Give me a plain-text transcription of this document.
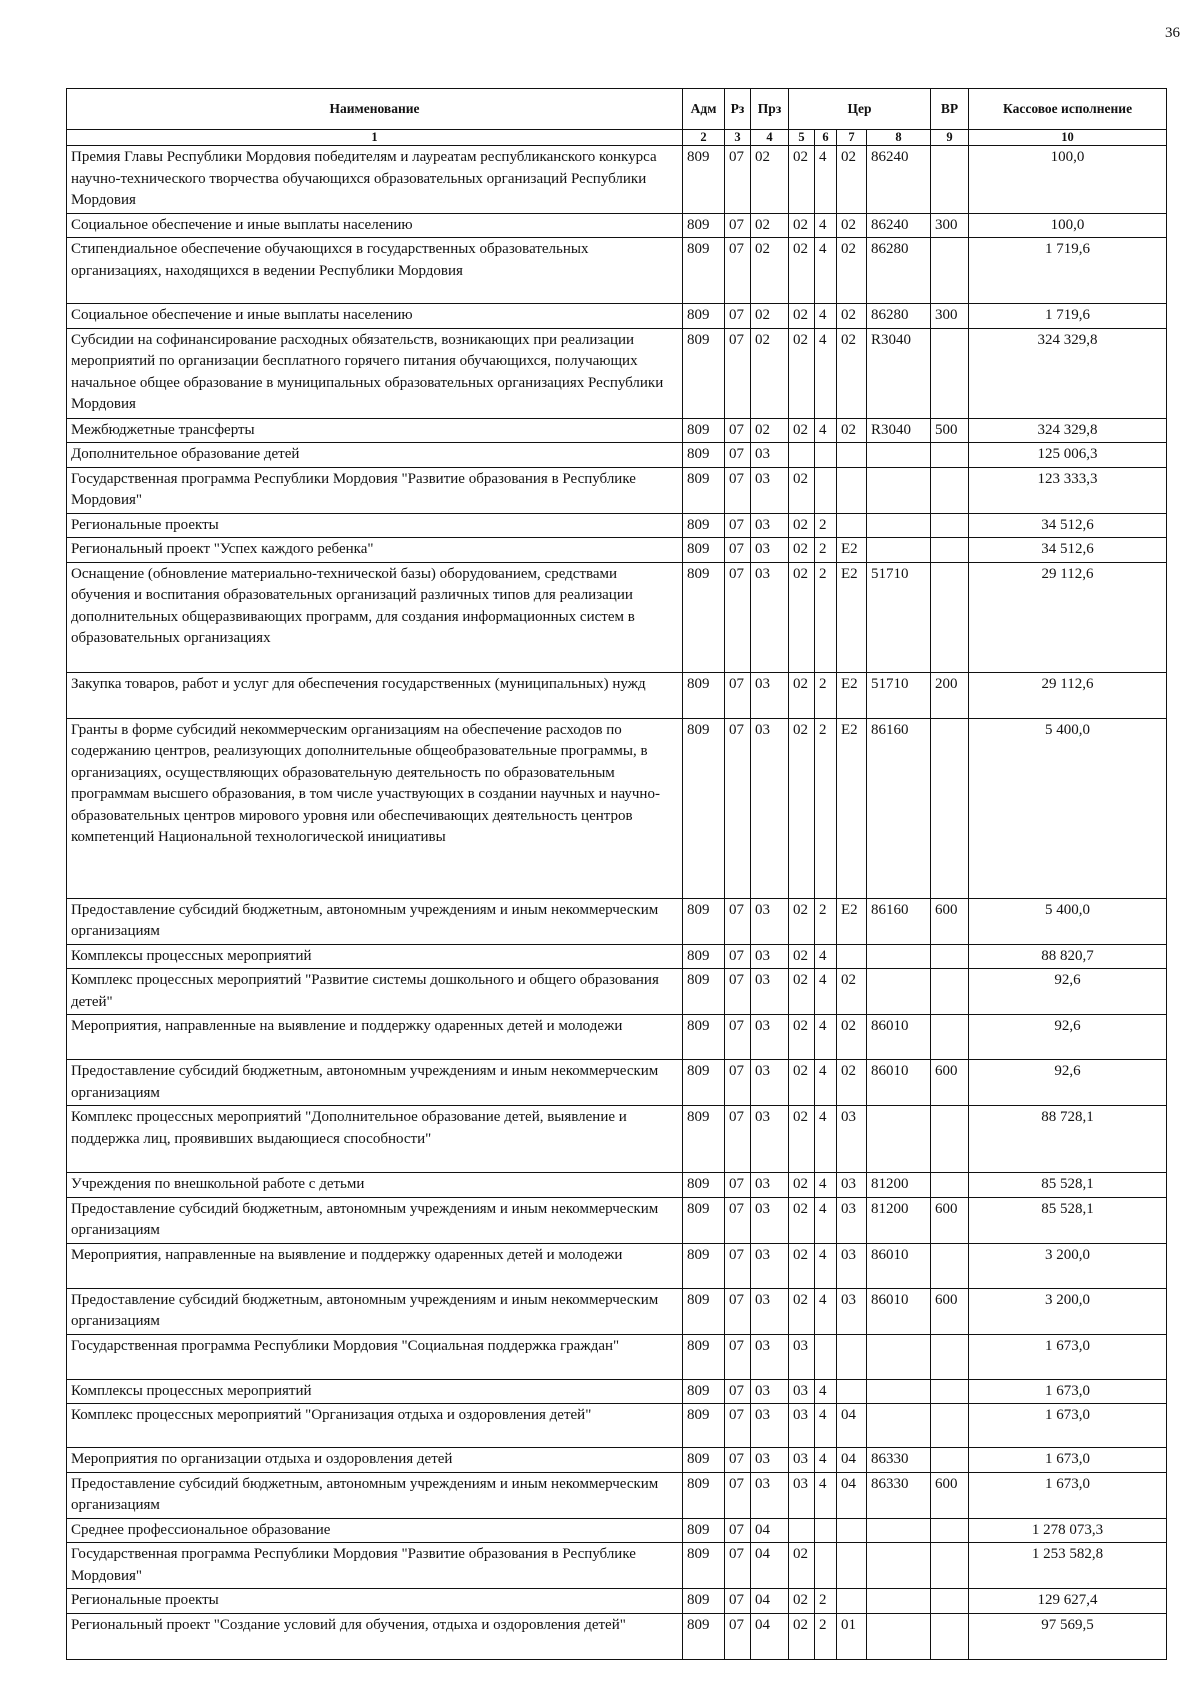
36
Наименование	Адм	Рз	Прз	Цер				ВР	Кассовое исполнение
1	2	3	4	5	6	7	8	9	10
Премия Главы Республики Мордовия победителям и лауреатам республиканского конкурса научно-технического творчества обучающихся образовательных организаций Республики Мордовия	809	07	02	02	4	02	86240		100,0
Социальное обеспечение и иные выплаты населению	809	07	02	02	4	02	86240	300	100,0
Стипендиальное обеспечение обучающихся в государственных образовательных организациях, находящихся в ведении Республики Мордовия	809	07	02	02	4	02	86280		1 719,6
Социальное обеспечение и иные выплаты населению	809	07	02	02	4	02	86280	300	1 719,6
Субсидии на софинансирование расходных обязательств, возникающих при реализации мероприятий по организации бесплатного горячего питания обучающихся, получающих начальное общее образование в муниципальных образовательных организациях Республики Мордовия	809	07	02	02	4	02	R3040		324 329,8
Межбюджетные трансферты	809	07	02	02	4	02	R3040	500	324 329,8
Дополнительное образование детей	809	07	03						125 006,3
Государственная программа Республики Мордовия "Развитие образования в Республике Мордовия"	809	07	03	02					123 333,3
Региональные проекты	809	07	03	02	2				34 512,6
Региональный проект "Успех каждого ребенка"	809	07	03	02	2	E2			34 512,6
Оснащение (обновление материально-технической базы) оборудованием, средствами обучения и воспитания образовательных организаций различных типов для реализации дополнительных общеразвивающих программ, для создания информационных систем в образовательных организациях	809	07	03	02	2	E2	51710		29 112,6
Закупка товаров, работ и услуг для обеспечения государственных (муниципальных) нужд	809	07	03	02	2	E2	51710	200	29 112,6
Гранты в форме субсидий некоммерческим организациям на обеспечение расходов по содержанию центров, реализующих дополнительные общеобразовательные программы, в организациях, осуществляющих образовательную деятельность по образовательным программам высшего образования, в том числе участвующих в создании научных и научно-образовательных центров мирового уровня или обеспечивающих деятельность центров компетенций Национальной технологической инициативы	809	07	03	02	2	E2	86160		5 400,0
Предоставление субсидий бюджетным, автономным учреждениям и иным некоммерческим организациям	809	07	03	02	2	E2	86160	600	5 400,0
Комплексы процессных мероприятий	809	07	03	02	4				88 820,7
Комплекс процессных мероприятий "Развитие системы дошкольного и общего образования детей"	809	07	03	02	4	02			92,6
Мероприятия, направленные на выявление и поддержку одаренных детей и молодежи	809	07	03	02	4	02	86010		92,6
Предоставление субсидий бюджетным, автономным учреждениям и иным некоммерческим организациям	809	07	03	02	4	02	86010	600	92,6
Комплекс процессных мероприятий "Дополнительное образование детей, выявление и поддержка лиц, проявивших выдающиеся способности"	809	07	03	02	4	03			88 728,1
Учреждения по внешкольной работе с детьми	809	07	03	02	4	03	81200		85 528,1
Предоставление субсидий бюджетным, автономным учреждениям и иным некоммерческим организациям	809	07	03	02	4	03	81200	600	85 528,1
Мероприятия, направленные на выявление и поддержку одаренных детей и молодежи	809	07	03	02	4	03	86010		3 200,0
Предоставление субсидий бюджетным, автономным учреждениям и иным некоммерческим организациям	809	07	03	02	4	03	86010	600	3 200,0
Государственная программа Республики Мордовия "Социальная поддержка граждан"	809	07	03	03					1 673,0
Комплексы процессных мероприятий	809	07	03	03	4				1 673,0
Комплекс процессных мероприятий "Организация отдыха и оздоровления детей"	809	07	03	03	4	04			1 673,0
Мероприятия по организации отдыха и оздоровления детей	809	07	03	03	4	04	86330		1 673,0
Предоставление субсидий бюджетным, автономным учреждениям и иным некоммерческим организациям	809	07	03	03	4	04	86330	600	1 673,0
Среднее профессиональное образование	809	07	04						1 278 073,3
Государственная программа Республики Мордовия "Развитие образования в Республике Мордовия"	809	07	04	02					1 253 582,8
Региональные проекты	809	07	04	02	2				129 627,4
Региональный проект "Создание условий для обучения, отдыха и оздоровления детей"	809	07	04	02	2	01			97 569,5
